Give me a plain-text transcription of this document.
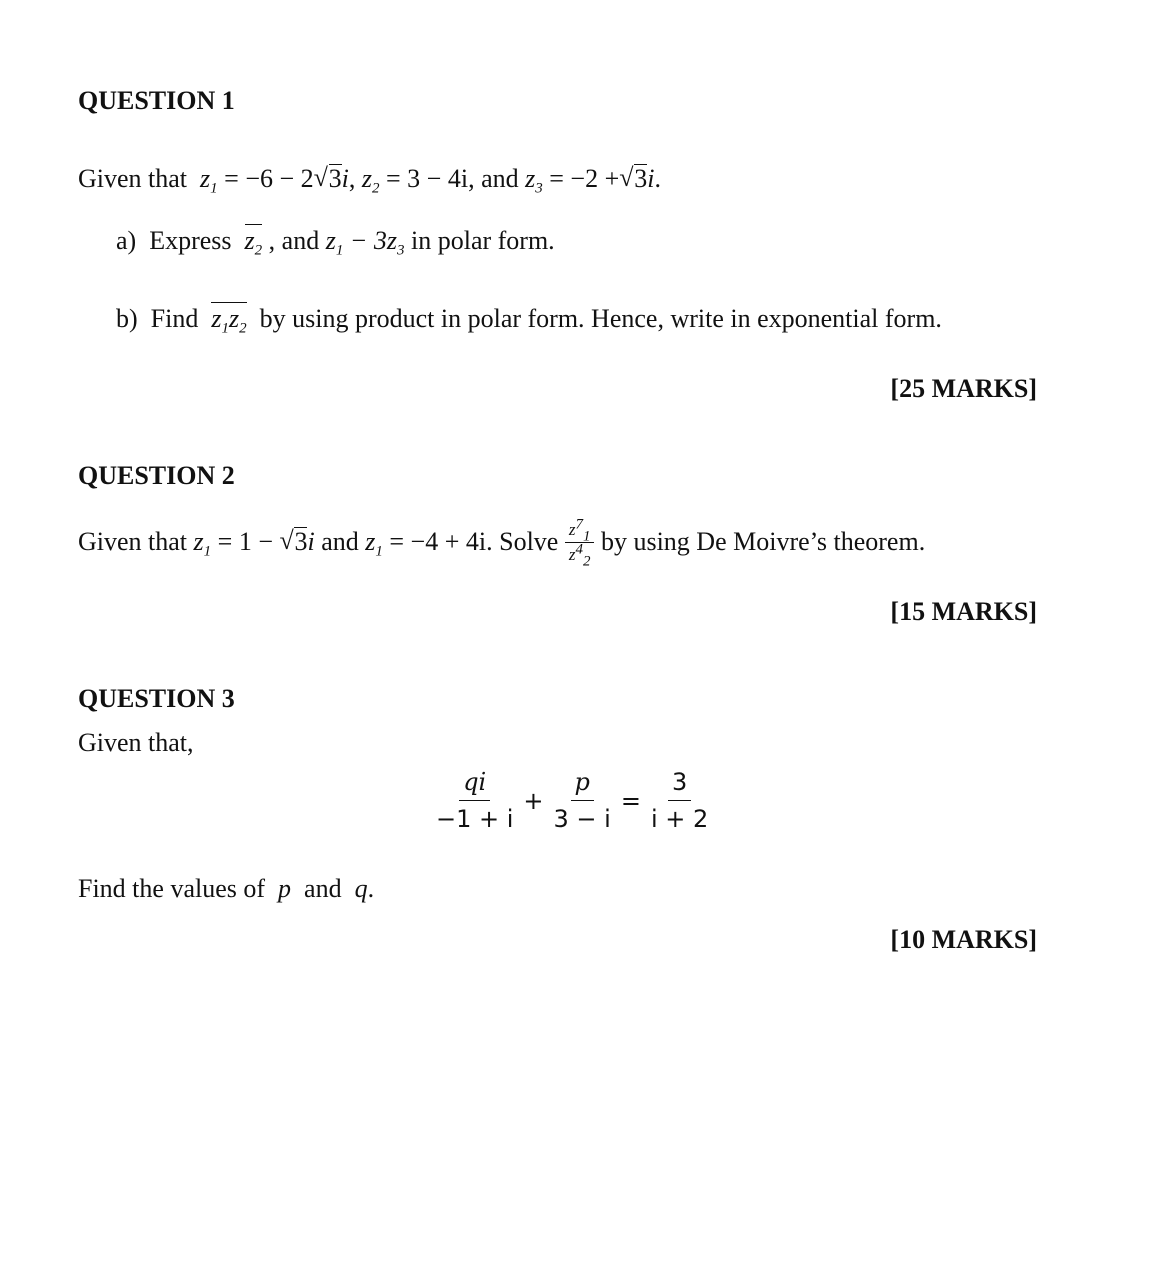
QUESTION 1
Given that $z_1 = -6 - 2√$ 3i, $z_2 = 3 - 4i$, and $z_3 = -2$ +√ 3i.
a) Express $z_2$ , and $z_1 - 3z_3$ in polar form.
b) Find $z_1z_2$ by using product in polar form. Hence, write in exponential form.
[25 MARKS]
QUESTION 2
Given that
$z_1$
= 1 − √ 3i
and
$z_1$
= −4 + 4i . Solve
$\frac{z^7_1}{z^4_2}$
by using De Moivre’s theorem.
[15 MARKS]
QUESTION 3
Given that,
$\frac{qi}{-1 + i} + \frac{p}{3 - i} = \frac{3}{i + 2}$
Find the values of p and q.
[10 MARKS]
